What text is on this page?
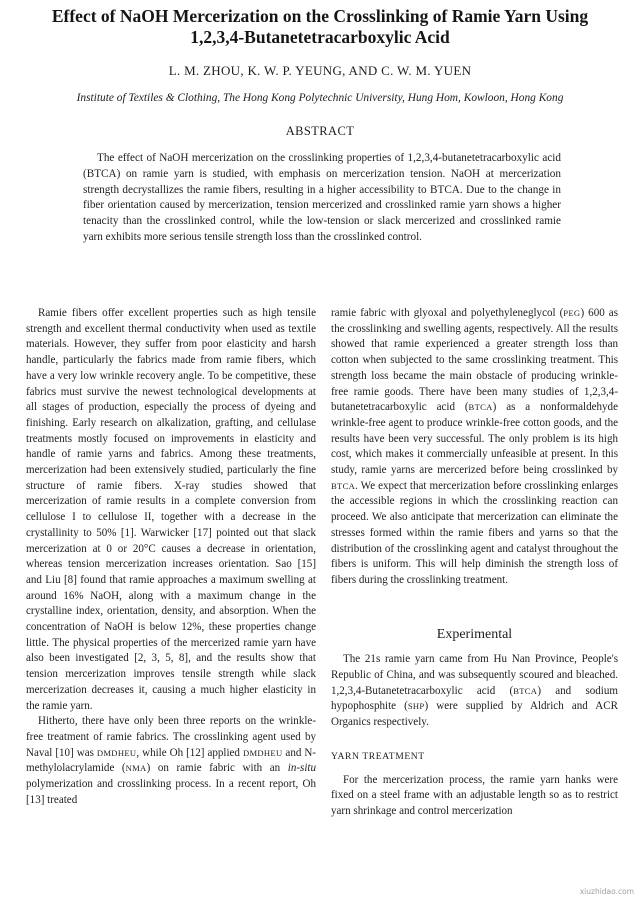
Effect of NaOH Mercerization on the Crosslinking of Ramie Yarn Using
1,2,3,4-Butanetetracarboxylic Acid
L. M. ZHOU, K. W. P. YEUNG, AND C. W. M. YUEN
Institute of Textiles & Clothing, The Hong Kong Polytechnic University, Hung Hom, Kowloon, Hong Kong
ABSTRACT

The effect of NaOH mercerization on the crosslinking properties of 1,2,3,4-butanetetracarboxylic acid (BTCA) on ramie yarn is studied, with emphasis on mercerization tension. NaOH at mercerization strength decrystallizes the ramie fibers, resulting in a higher accessibility to BTCA. Due to the change in fiber orientation caused by mercerization, tension mercerized and crosslinked ramie yarn shows a higher tenacity than the crosslinked control, while the low-tension or slack mercerized and crosslinked ramie yarn exhibits more serious tensile strength loss than the crosslinked control.

Ramie fibers offer excellent properties such as high tensile strength and excellent thermal conductivity when used as textile materials. However, they suffer from poor elasticity and harsh handle, particularly the fabrics made from ramie fibers, which have a very low wrinkle recovery angle. To be competitive, these fabrics must survive the newest technological developments at all stages of production, especially the process of dyeing and finishing. Early research on alkalization, grafting, and cellulase treatments mostly focused on improvements in elasticity and handle of ramie yarns and fabrics. Among these treatments, mercerization had been extensively studied, particularly the fine structure of ramie fibers. X-ray studies showed that mercerization of ramie results in a complete conversion from cellulose I to cellulose II, together with a decrease in the crystallinity to 50% [1]. Warwicker [17] pointed out that slack mercerization at 0 or 20°C causes a decrease in orientation, whereas tension mercerization increases orientation. Sao [15] and Liu [8] found that ramie approaches a maximum swelling at around 16% NaOH, along with a maximum change in the crystalline index, orientation, density, and absorption. When the concentration of NaOH is below 12%, these properties change little. The physical properties of the mercerized ramie yarn have also been investigated [2, 3, 5, 8], and the results show that tension mercerization improves tensile strength while slack mercerization decreases it, causing a much higher elasticity in the ramie yarn.

Hitherto, there have only been three reports on the wrinkle-free treatment of ramie fabrics. The crosslinking agent used by Naval [10] was DMDHEU, while Oh [12] applied DMDHEU and N-methylolacrylamide (NMA) on ramie fabric with an in-situ polymerization and crosslinking process. In a recent report, Oh [13] treated

ramie fabric with glyoxal and polyethyleneglycol (PEG) 600 as the crosslinking and swelling agents, respectively. All the results showed that ramie experienced a greater strength loss than cotton when subjected to the same crosslinking treatment. This strength loss became the main obstacle of producing wrinkle-free ramie goods. There have been many studies of 1,2,3,4-butanetetracarboxylic acid (BTCA) as a nonformaldehyde wrinkle-free agent to produce wrinkle-free cotton goods, and the results have been very successful. The only problem is its high cost, which makes it commercially unfeasible at present. In this study, ramie yarns are mercerized before being crosslinked by BTCA. We expect that mercerization before crosslinking enlarges the accessible regions in which the crosslinking reaction can proceed. We also anticipate that mercerization can eliminate the stresses formed within the ramie fibers and yarns so that the distribution of the crosslinking agent and catalyst throughout the fibers is uniform. This will help diminish the strength loss of fibers during the crosslinking treatment.

Experimental

The 21s ramie yarn came from Hu Nan Province, People's Republic of China, and was subsequently scoured and bleached. 1,2,3,4-Butanetetracarboxylic acid (BTCA) and sodium hypophosphite (SHP) were supplied by Aldrich and ACR Organics respectively.

YARN TREATMENT

For the mercerization process, the ramie yarn hanks were fixed on a steel frame with an adjustable length so as to restrict yarn shrinkage and control mercerization

xiuzhidao.com
